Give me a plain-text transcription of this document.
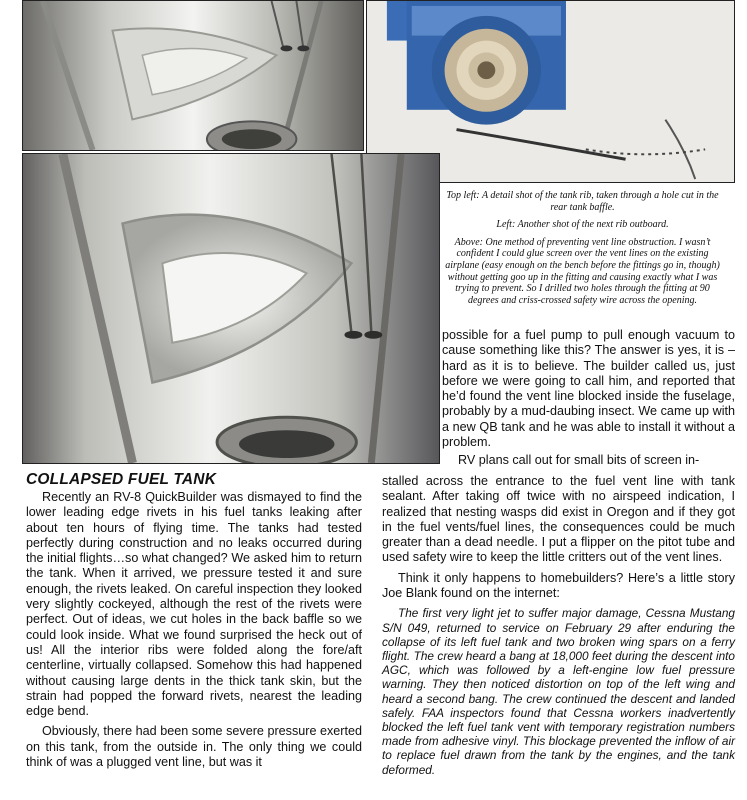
Top left: A detail shot of the tank rib, taken through a hole cut in the rear tank baffle.

Left: Another shot of the next rib outboard.

Above: One method of preventing vent line obstruction. I wasn’t confident I could glue screen over the vent lines on the existing airplane (easy enough on the bench before the fittings go in, though) without getting goo up in the fitting and causing exactly what I was trying to prevent. So I drilled two holes through the fitting at 90 degrees and criss-crossed safety wire across the opening.

possible for a fuel pump to pull enough vacuum to cause something like this? The answer is yes, it is – hard as it is to believe. The builder called us, just before we were going to call him, and reported that he’d found the vent line blocked inside the fuselage, probably by a mud-daubing insect. We came up with a new QB tank and he was able to install it without a problem.

RV plans call out for small bits of screen in-

COLLAPSED FUEL TANK

Recently an RV-8 QuickBuilder was dismayed to find the lower leading edge rivets in his fuel tanks leaking after about ten hours of flying time. The tanks had tested perfectly during construction and no leaks occurred during the initial flights…so what changed? We asked him to return the tank. When it arrived, we pressure tested it and sure enough, the rivets leaked. On careful inspection they looked very slightly cockeyed, although the rest of the rivets were perfect. Out of ideas, we cut holes in the back baffle so we could look inside. What we found surprised the heck out of us! All the interior ribs were folded along the fore/aft centerline, virtually collapsed. Somehow this had happened without causing large dents in the thick tank skin, but the strain had popped the forward rivets, nearest the leading edge bend.

Obviously, there had been some severe pressure exerted on this tank, from the outside in. The only thing we could think of was a plugged vent line, but was it

stalled across the entrance to the fuel vent line with tank sealant. After taking off twice with no airspeed indication, I realized that nesting wasps did exist in Oregon and if they got in the fuel vents/fuel lines, the consequences could be much greater than a dead needle. I put a flipper on the pitot tube and used safety wire to keep the little critters out of the vent lines.

Think it only happens to homebuilders? Here’s a little story Joe Blank found on the internet:

The first very light jet to suffer major damage, Cessna Mustang S/N 049, returned to service on February 29 after enduring the collapse of its left fuel tank and two broken wing spars on a ferry flight. The crew heard a bang at 18,000 feet during the descent into AGC, which was followed by a left-engine low fuel pressure warning. They then noticed distortion on top of the left wing and heard a second bang. The crew continued the descent and landed safely. FAA inspectors found that Cessna workers inadvertently blocked the left fuel tank vent with temporary registration numbers made from adhesive vinyl. This blockage prevented the inflow of air to replace fuel drawn from the tank by the engines, and the tank deformed.
